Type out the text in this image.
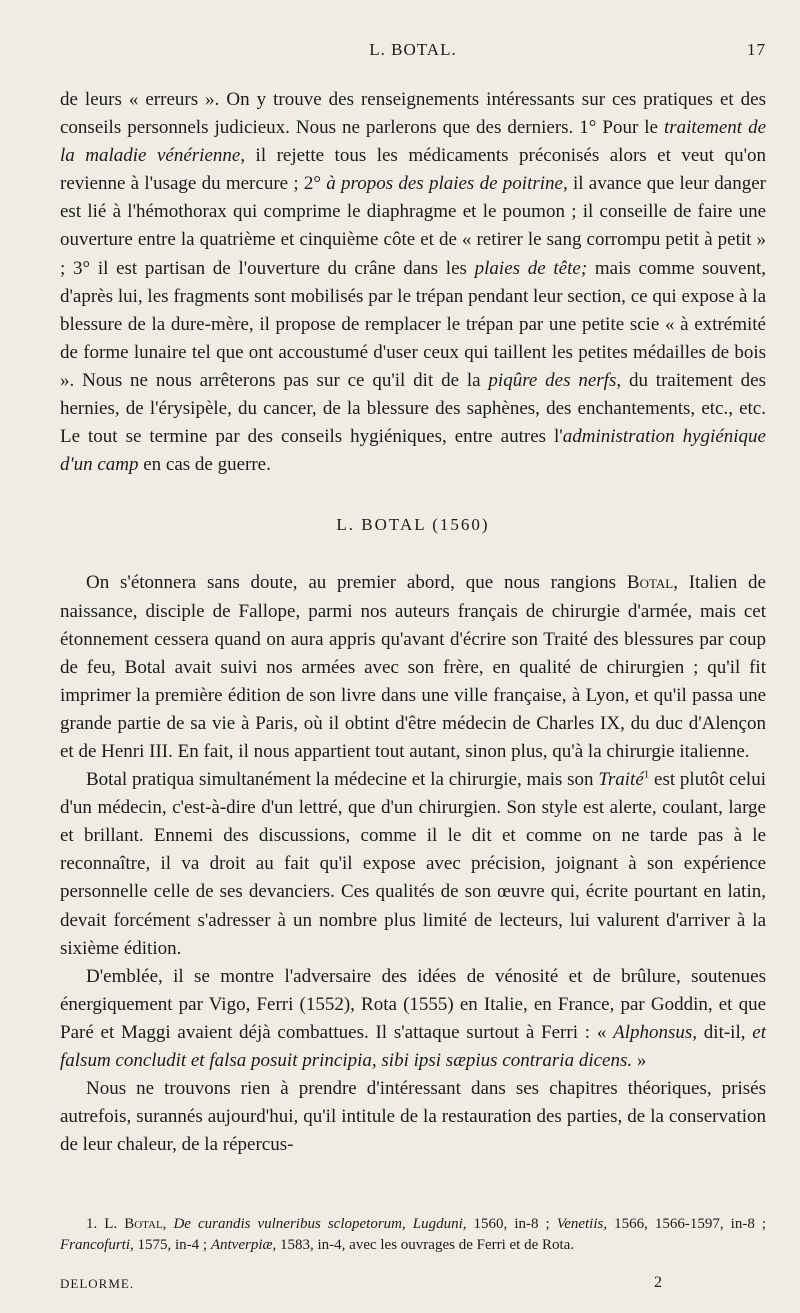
L. BOTAL.	17

de leurs « erreurs ». On y trouve des renseignements intéressants sur ces pratiques et des conseils personnels judicieux. Nous ne parlerons que des derniers. 1° Pour le traitement de la maladie vénérienne, il rejette tous les médicaments préconisés alors et veut qu'on revienne à l'usage du mercure ; 2° à propos des plaies de poitrine, il avance que leur danger est lié à l'hémothorax qui comprime le diaphragme et le poumon ; il conseille de faire une ouverture entre la quatrième et cinquième côte et de « retirer le sang corrompu petit à petit » ; 3° il est partisan de l'ouverture du crâne dans les plaies de tête; mais comme souvent, d'après lui, les fragments sont mobilisés par le trépan pendant leur section, ce qui expose à la blessure de la dure-mère, il propose de remplacer le trépan par une petite scie « à extrémité de forme lunaire tel que ont accoustumé d'user ceux qui taillent les petites médailles de bois ». Nous ne nous arrêterons pas sur ce qu'il dit de la piqûre des nerfs, du traitement des hernies, de l'érysipèle, du cancer, de la blessure des saphènes, des enchantements, etc., etc. Le tout se termine par des conseils hygiéniques, entre autres l'administration hygiénique d'un camp en cas de guerre.

L. BOTAL (1560)

On s'étonnera sans doute, au premier abord, que nous rangions Botal, Italien de naissance, disciple de Fallope, parmi nos auteurs français de chirurgie d'armée, mais cet étonnement cessera quand on aura appris qu'avant d'écrire son Traité des blessures par coup de feu, Botal avait suivi nos armées avec son frère, en qualité de chirurgien ; qu'il fit imprimer la première édition de son livre dans une ville française, à Lyon, et qu'il passa une grande partie de sa vie à Paris, où il obtint d'être médecin de Charles IX, du duc d'Alençon et de Henri III. En fait, il nous appartient tout autant, sinon plus, qu'à la chirurgie italienne.

Botal pratiqua simultanément la médecine et la chirurgie, mais son Traité$^1$ est plutôt celui d'un médecin, c'est-à-dire d'un lettré, que d'un chirurgien. Son style est alerte, coulant, large et brillant. Ennemi des discussions, comme il le dit et comme on ne tarde pas à le reconnaître, il va droit au fait qu'il expose avec précision, joignant à son expérience personnelle celle de ses devanciers. Ces qualités de son œuvre qui, écrite pourtant en latin, devait forcément s'adresser à un nombre plus limité de lecteurs, lui valurent d'arriver à la sixième édition.

D'emblée, il se montre l'adversaire des idées de vénosité et de brûlure, soutenues énergiquement par Vigo, Ferri (1552), Rota (1555) en Italie, en France, par Goddin, et que Paré et Maggi avaient déjà combattues. Il s'attaque surtout à Ferri : « Alphonsus, dit-il, et falsum concludit et falsa posuit principia, sibi ipsi sæpius contraria dicens. »

Nous ne trouvons rien à prendre d'intéressant dans ses chapitres théoriques, prisés autrefois, surannés aujourd'hui, qu'il intitule de la restauration des parties, de la conservation de leur chaleur, de la répercus-

1. L. Botal, De curandis vulneribus sclopetorum, Lugduni, 1560, in-8 ; Venetiis, 1566, 1566-1597, in-8 ; Francofurti, 1575, in-4 ; Antverpiæ, 1583, in-4, avec les ouvrages de Ferri et de Rota.

DELORME.	2
